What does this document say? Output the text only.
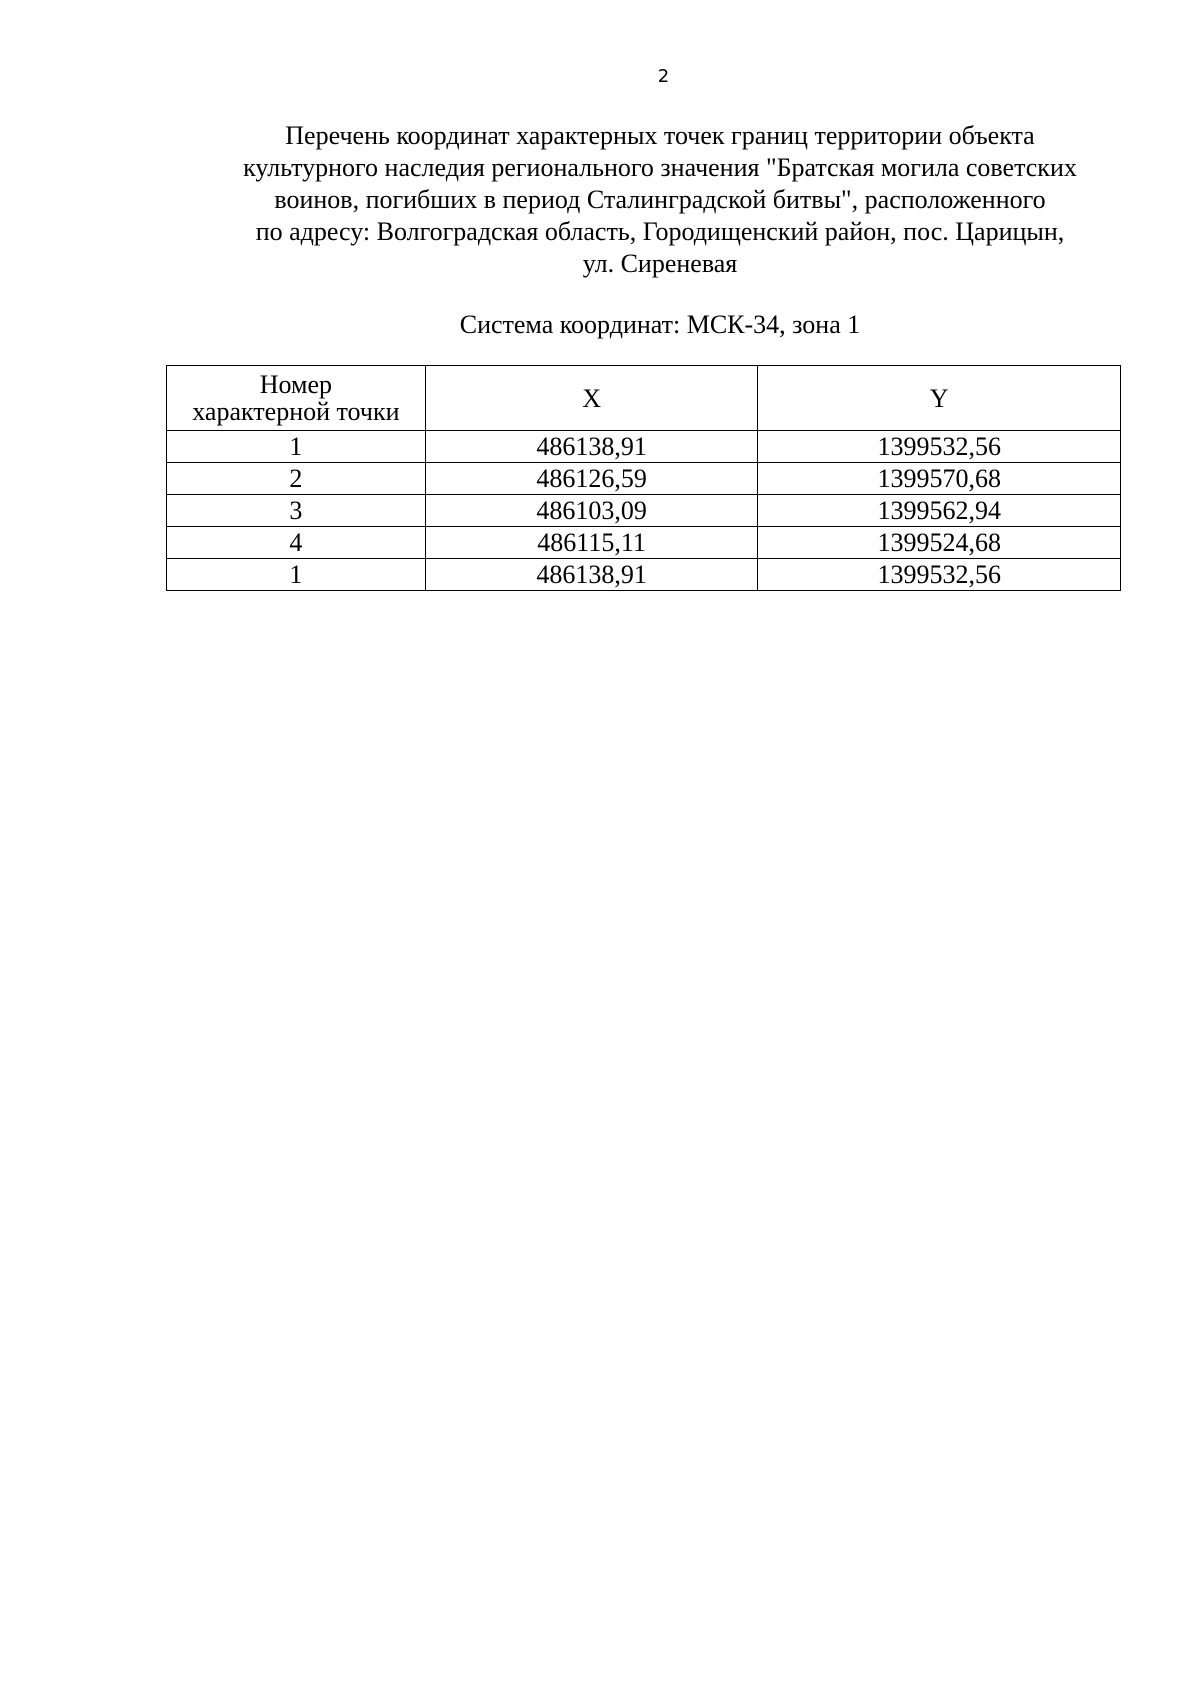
2
Перечень координат характерных точек границ территории объекта
культурного наследия регионального значения "Братская могила советских
воинов, погибших в период Сталинградской битвы", расположенного
по адресу: Волгоградская область, Городищенский район, пос. Царицын,
ул. Сиреневая
Система координат: МСК-34, зона 1
Номер
характерной точки	X	Y
1	486138,91	1399532,56
2	486126,59	1399570,68
3	486103,09	1399562,94
4	486115,11	1399524,68
1	486138,91	1399532,56
